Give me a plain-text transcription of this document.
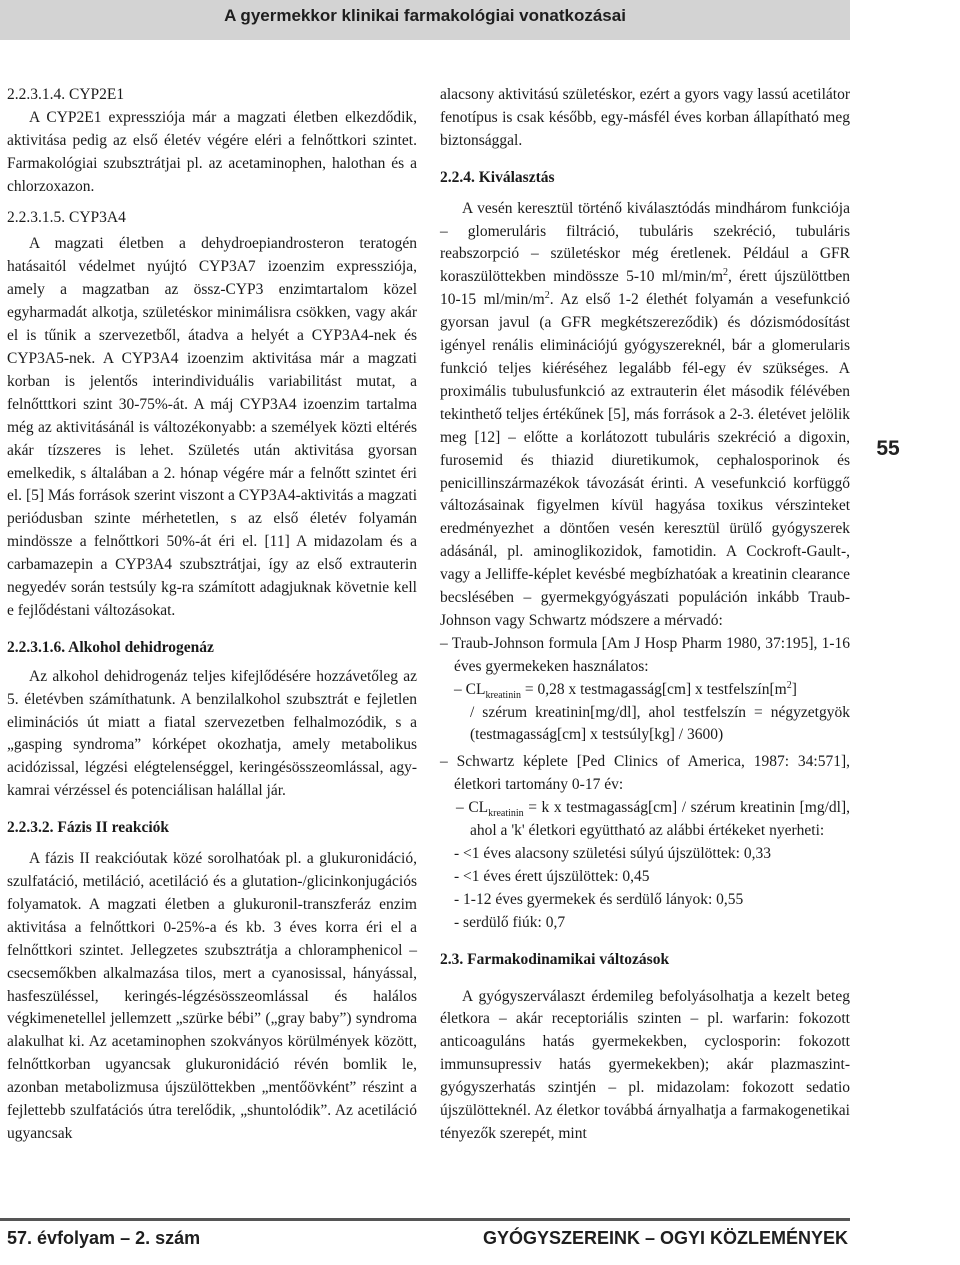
A gyermekkor klinikai farmakológiai vonatkozásai
55
2.2.3.1.4. CYP2E1

A CYP2E1 expressziója már a magzati életben elkezdődik, aktivitása pedig az első életév végére eléri a felnőttkori szintet. Farmakológiai szubsztrátjai pl. az acetaminophen, halothan és a chlorzoxazon.

2.2.3.1.5. CYP3A4

A magzati életben a dehydroepiandrosteron teratogén hatásaitól védelmet nyújtó CYP3A7 izoenzim expressziója, amely a magzatban az össz-CYP3 enzimtartalom közel egyharmadát alkotja, születéskor minimálisra csökken, vagy akár el is tűnik a szervezetből, átadva a helyét a CYP3A4-nek és CYP3A5-nek. A CYP3A4 izoenzim aktivitása már a magzati korban is jelentős interindividuális variabilitást mutat, a felnőtttkori szint 30-75%-át. A máj CYP3A4 izoenzim tartalma még az aktivitásánál is változékonyabb: a személyek közti eltérés akár tízszeres is lehet. Születés után aktivitása gyorsan emelkedik, s általában a 2. hónap végére már a felnőtt szintet éri el. [5] Más források szerint viszont a CYP3A4-aktivitás a magzati periódusban szinte mérhetetlen, s az első életév folyamán mindössze a felnőttkori 50%-át éri el. [11] A midazolam és a carbamazepin a CYP3A4 szubsztrátjai, így az első extrauterin negyedév során testsúly kg-ra számított adagjuknak követnie kell e fejlődéstani változásokat.

2.2.3.1.6. Alkohol dehidrogenáz

Az alkohol dehidrogenáz teljes kifejlődésére hozzávetőleg az 5. életévben számíthatunk. A benzilalkohol szubsztrát e fejletlen eliminációs út miatt a fiatal szervezetben felhalmozódik, s a „gasping syndroma” kórképet okozhatja, amely metabolikus acidózissal, légzési elégtelenséggel, keringésösszeomlással, agykamrai vérzéssel és potenciálisan halállal jár.

2.2.3.2. Fázis II reakciók

A fázis II reakcióutak közé sorolhatóak pl. a glukuronidáció, szulfatáció, metiláció, acetiláció és a glutation-/glicinkonjugációs folyamatok. A magzati életben a glukuronil-transzferáz enzim aktivitása a felnőttkori 0-25%-a és kb. 3 éves korra éri el a felnőttkori szintet. Jellegzetes szubsztrátja a chloramphenicol – csecsemőkben alkalmazása tilos, mert a cyanosissal, hányással, hasfeszüléssel, keringés-légzésösszeomlással és halálos végkimenetellel jellemzett „szürke bébi” („gray baby”) syndroma alakulhat ki. Az acetaminophen szokványos körülmények között, felnőttkorban ugyancsak glukuronidáció révén bomlik le, azonban metabolizmusa újszülöttekben „mentőövként” részint a fejlettebb szulfatációs útra terelődik, „shuntolódik”. Az acetiláció ugyancsak

alacsony aktivitású születéskor, ezért a gyors vagy lassú acetilátor fenotípus is csak később, egy-másfél éves korban állapítható meg biztonsággal.

2.2.4. Kiválasztás

A vesén keresztül történő kiválasztódás mindhárom funkciója – glomeruláris filtráció, tubuláris szekréció, tubuláris reabszorpció – születéskor még éretlenek. Például a GFR koraszülöttekben mindössze 5-10 $ml/\min/m^2$, érett újszülöttben 10-15 $ml/\min/m^2$. Az első 1-2 élethét folyamán a vesefunkció gyorsan javul (a GFR megkétszereződik) és dózismódosítást igényel renális eliminációjú gyógyszereknél, bár a glomerularis funkció teljes kiéréséhez legalább fél-egy év szükséges. A proximális tubulusfunkció az extrauterin élet második félévében tekinthető teljes értékűnek [5], más források a 2-3. életévet jelölik meg [12] – előtte a korlátozott tubuláris szekréció a digoxin, furosemid és thiazid diuretikumok, cephalosporinok és penicillinszármazékok távozását érinti. A vesefunkció korfüggő változásainak figyelmen kívül hagyása toxikus vérszinteket eredményezhet a döntően vesén keresztül ürülő gyógyszerek adásánál, pl. aminoglikozidok, famotidin. A Cockroft-Gault-, vagy a Jelliffe-képlet kevésbé megbízhatóak a kreatinin clearance becslésében – gyermekgyógyászati populáción inkább Traub-Johnson vagy Schwartz módszere a mérvadó:

– Traub-Johnson formula [Am J Hosp Pharm 1980, 37:195], 1-16 éves gyermekeken használatos:

– $CL_{kreatinin} = 0,28$ x testmagasság[cm] x $testfelszín[m^2]$

/ szérum kreatinin[mg/dl], ahol testfelszín = négyzetgyök (testmagasság[cm] x testsúly[kg] / 3600)

– Schwartz képlete [Ped Clinics of America, 1987: 34:571], életkori tartomány 0-17 év:

– $CL_{kreatinin} = k$ x testmagasság[cm] / szérum kreatinin [mg/dl], ahol a 'k' életkori együttható az alábbi értékeket nyerheti:

- <1 éves alacsony születési súlyú újszülöttek: 0,33

- <1 éves érett újszülöttek: 0,45

- 1-12 éves gyermekek és serdülő lányok: 0,55

- serdülő fiúk: 0,7

2.3. Farmakodinamikai változások

A gyógyszerválaszt érdemileg befolyásolhatja a kezelt beteg életkora – akár receptoriális szinten – pl. warfarin: fokozott anticoaguláns hatás gyermekekben, cyclosporin: fokozott immunsupressiv hatás gyermekekben); akár plazmaszint-gyógyszerhatás szintjén – pl. midazolam: fokozott sedatio újszülötteknél. Az életkor továbbá árnyalhatja a farmakogenetikai tényezők szerepét, mint

57. évfolyam – 2. szám	GYÓGYSZEREINK – OGYI KÖZLEMÉNYEK
